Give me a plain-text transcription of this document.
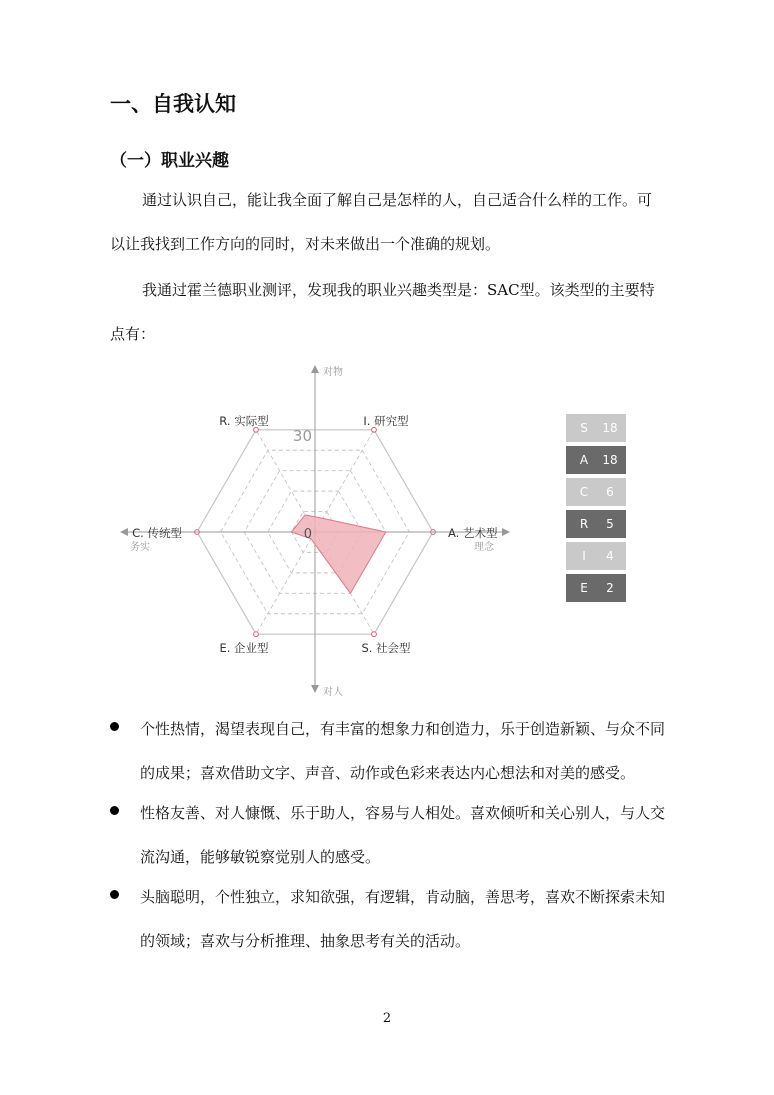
一、自我认知
（一）职业兴趣
通过认识自己，能让我全面了解自己是怎样的人，自己适合什么样的工作。可以让我找到工作方向的同时，对未来做出一个准确的规划。
我通过霍兰德职业测评，发现我的职业兴趣类型是：SAC型。该类型的主要特点有：
I. 研究型
A. 艺术型
S. 社会型
E. 企业型
C. 传统型
R. 实际型
30
0
对物
对人
务实	理念
S 18
A 18
C 6
R 5
I 4
E 2
个性热情，渴望表现自己，有丰富的想象力和创造力，乐于创造新颖、与众不同的成果；喜欢借助文字、声音、动作或色彩来表达内心想法和对美的感受。
性格友善、对人慷慨、乐于助人，容易与人相处。喜欢倾听和关心别人，与人交流沟通，能够敏锐察觉别人的感受。
头脑聪明，个性独立，求知欲强，有逻辑，肯动脑，善思考，喜欢不断探索未知的领域；喜欢与分析推理、抽象思考有关的活动。
2
